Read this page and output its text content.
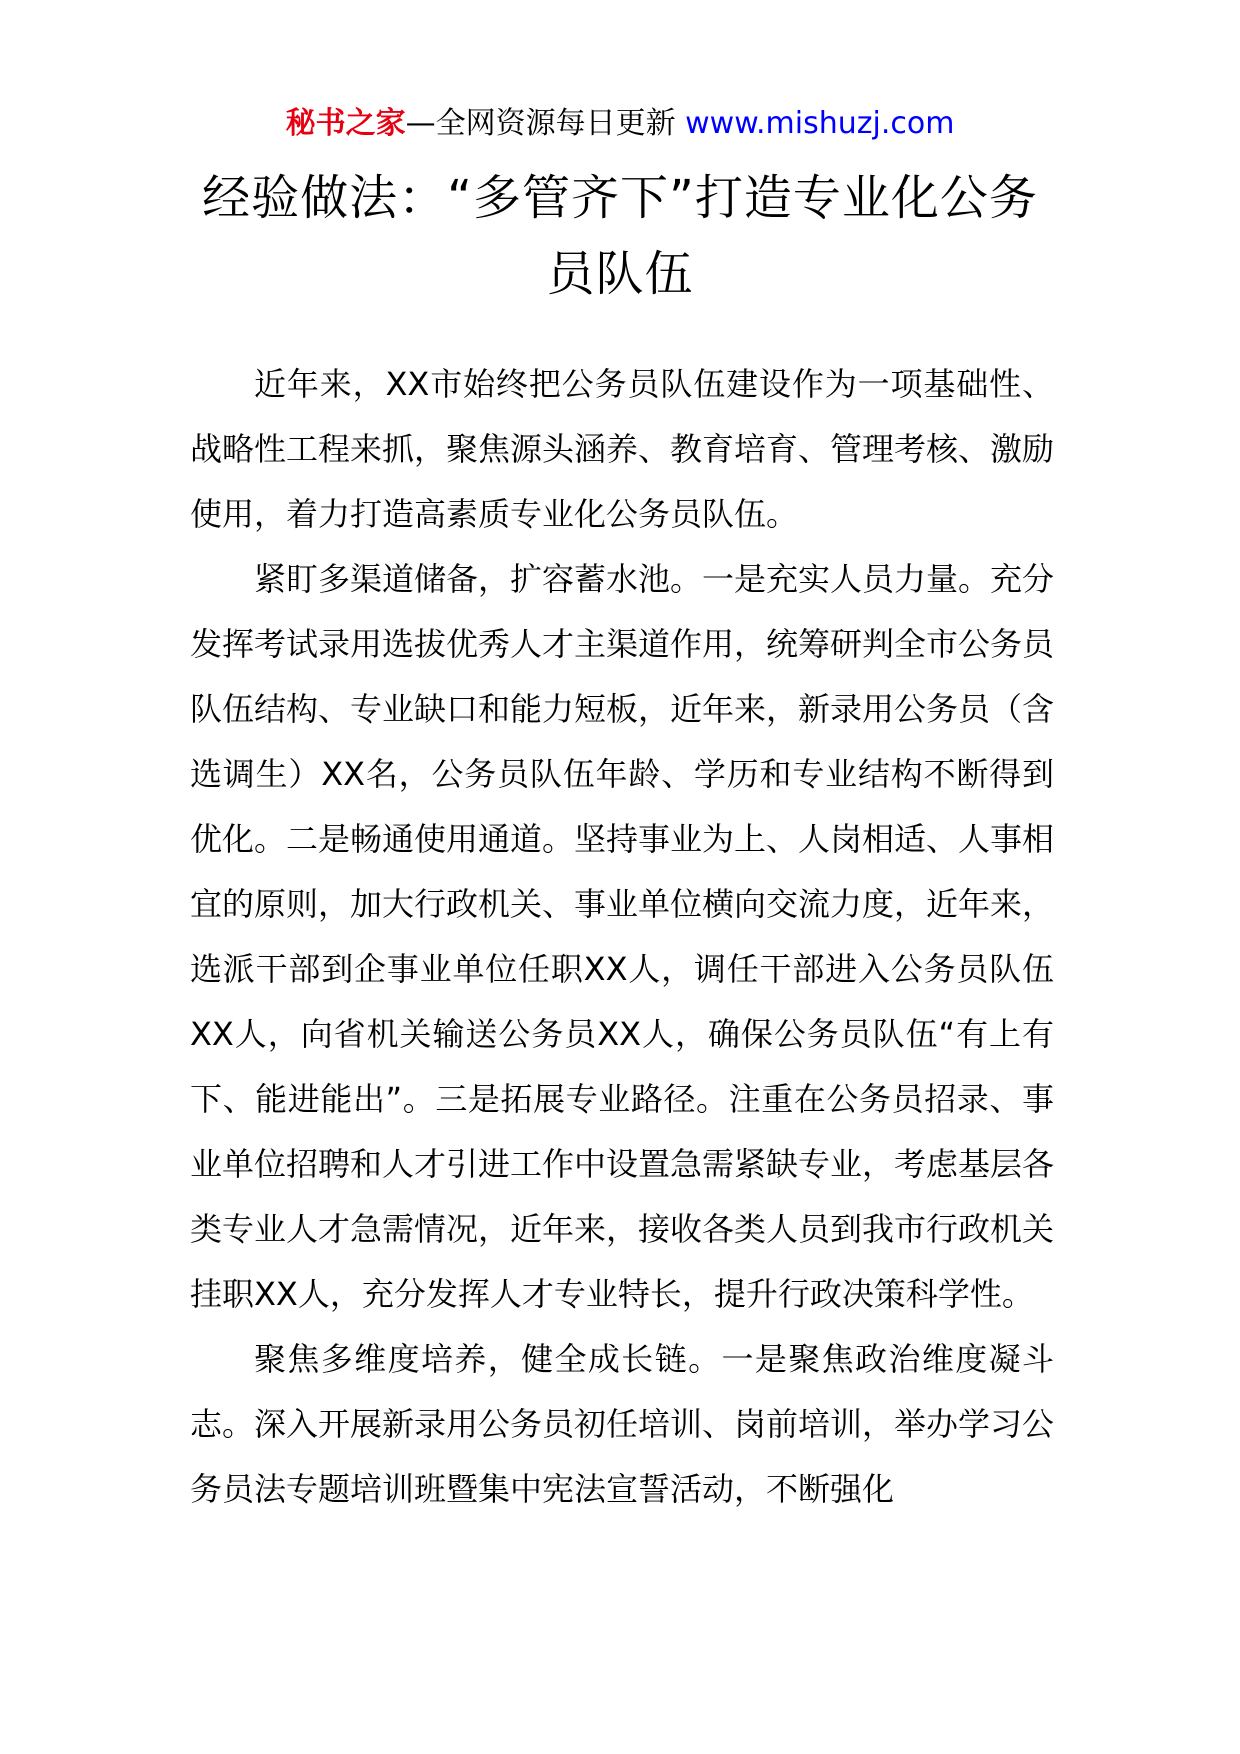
秘书之家—全网资源每日更新 www.mishuzj.com
经验做法：“多管齐下”打造专业化公务员队伍

近年来，XX市始终把公务员队伍建设作为一项基础性、战略性工程来抓，聚焦源头涵养、教育培育、管理考核、激励使用，着力打造高素质专业化公务员队伍。

紧盯多渠道储备，扩容蓄水池。一是充实人员力量。充分发挥考试录用选拔优秀人才主渠道作用，统筹研判全市公务员队伍结构、专业缺口和能力短板，近年来，新录用公务员（含选调生）XX名，公务员队伍年龄、学历和专业结构不断得到优化。二是畅通使用通道。坚持事业为上、人岗相适、人事相宜的原则，加大行政机关、事业单位横向交流力度，近年来，选派干部到企事业单位任职XX人，调任干部进入公务员队伍XX人，向省机关输送公务员XX人，确保公务员队伍“有上有下、能进能出”。三是拓展专业路径。注重在公务员招录、事业单位招聘和人才引进工作中设置急需紧缺专业，考虑基层各类专业人才急需情况，近年来，接收各类人员到我市行政机关挂职XX人，充分发挥人才专业特长，提升行政决策科学性。

聚焦多维度培养，健全成长链。一是聚焦政治维度凝斗志。深入开展新录用公务员初任培训、岗前培训，举办学习公务员法专题培训班暨集中宪法宣誓活动，不断强化
